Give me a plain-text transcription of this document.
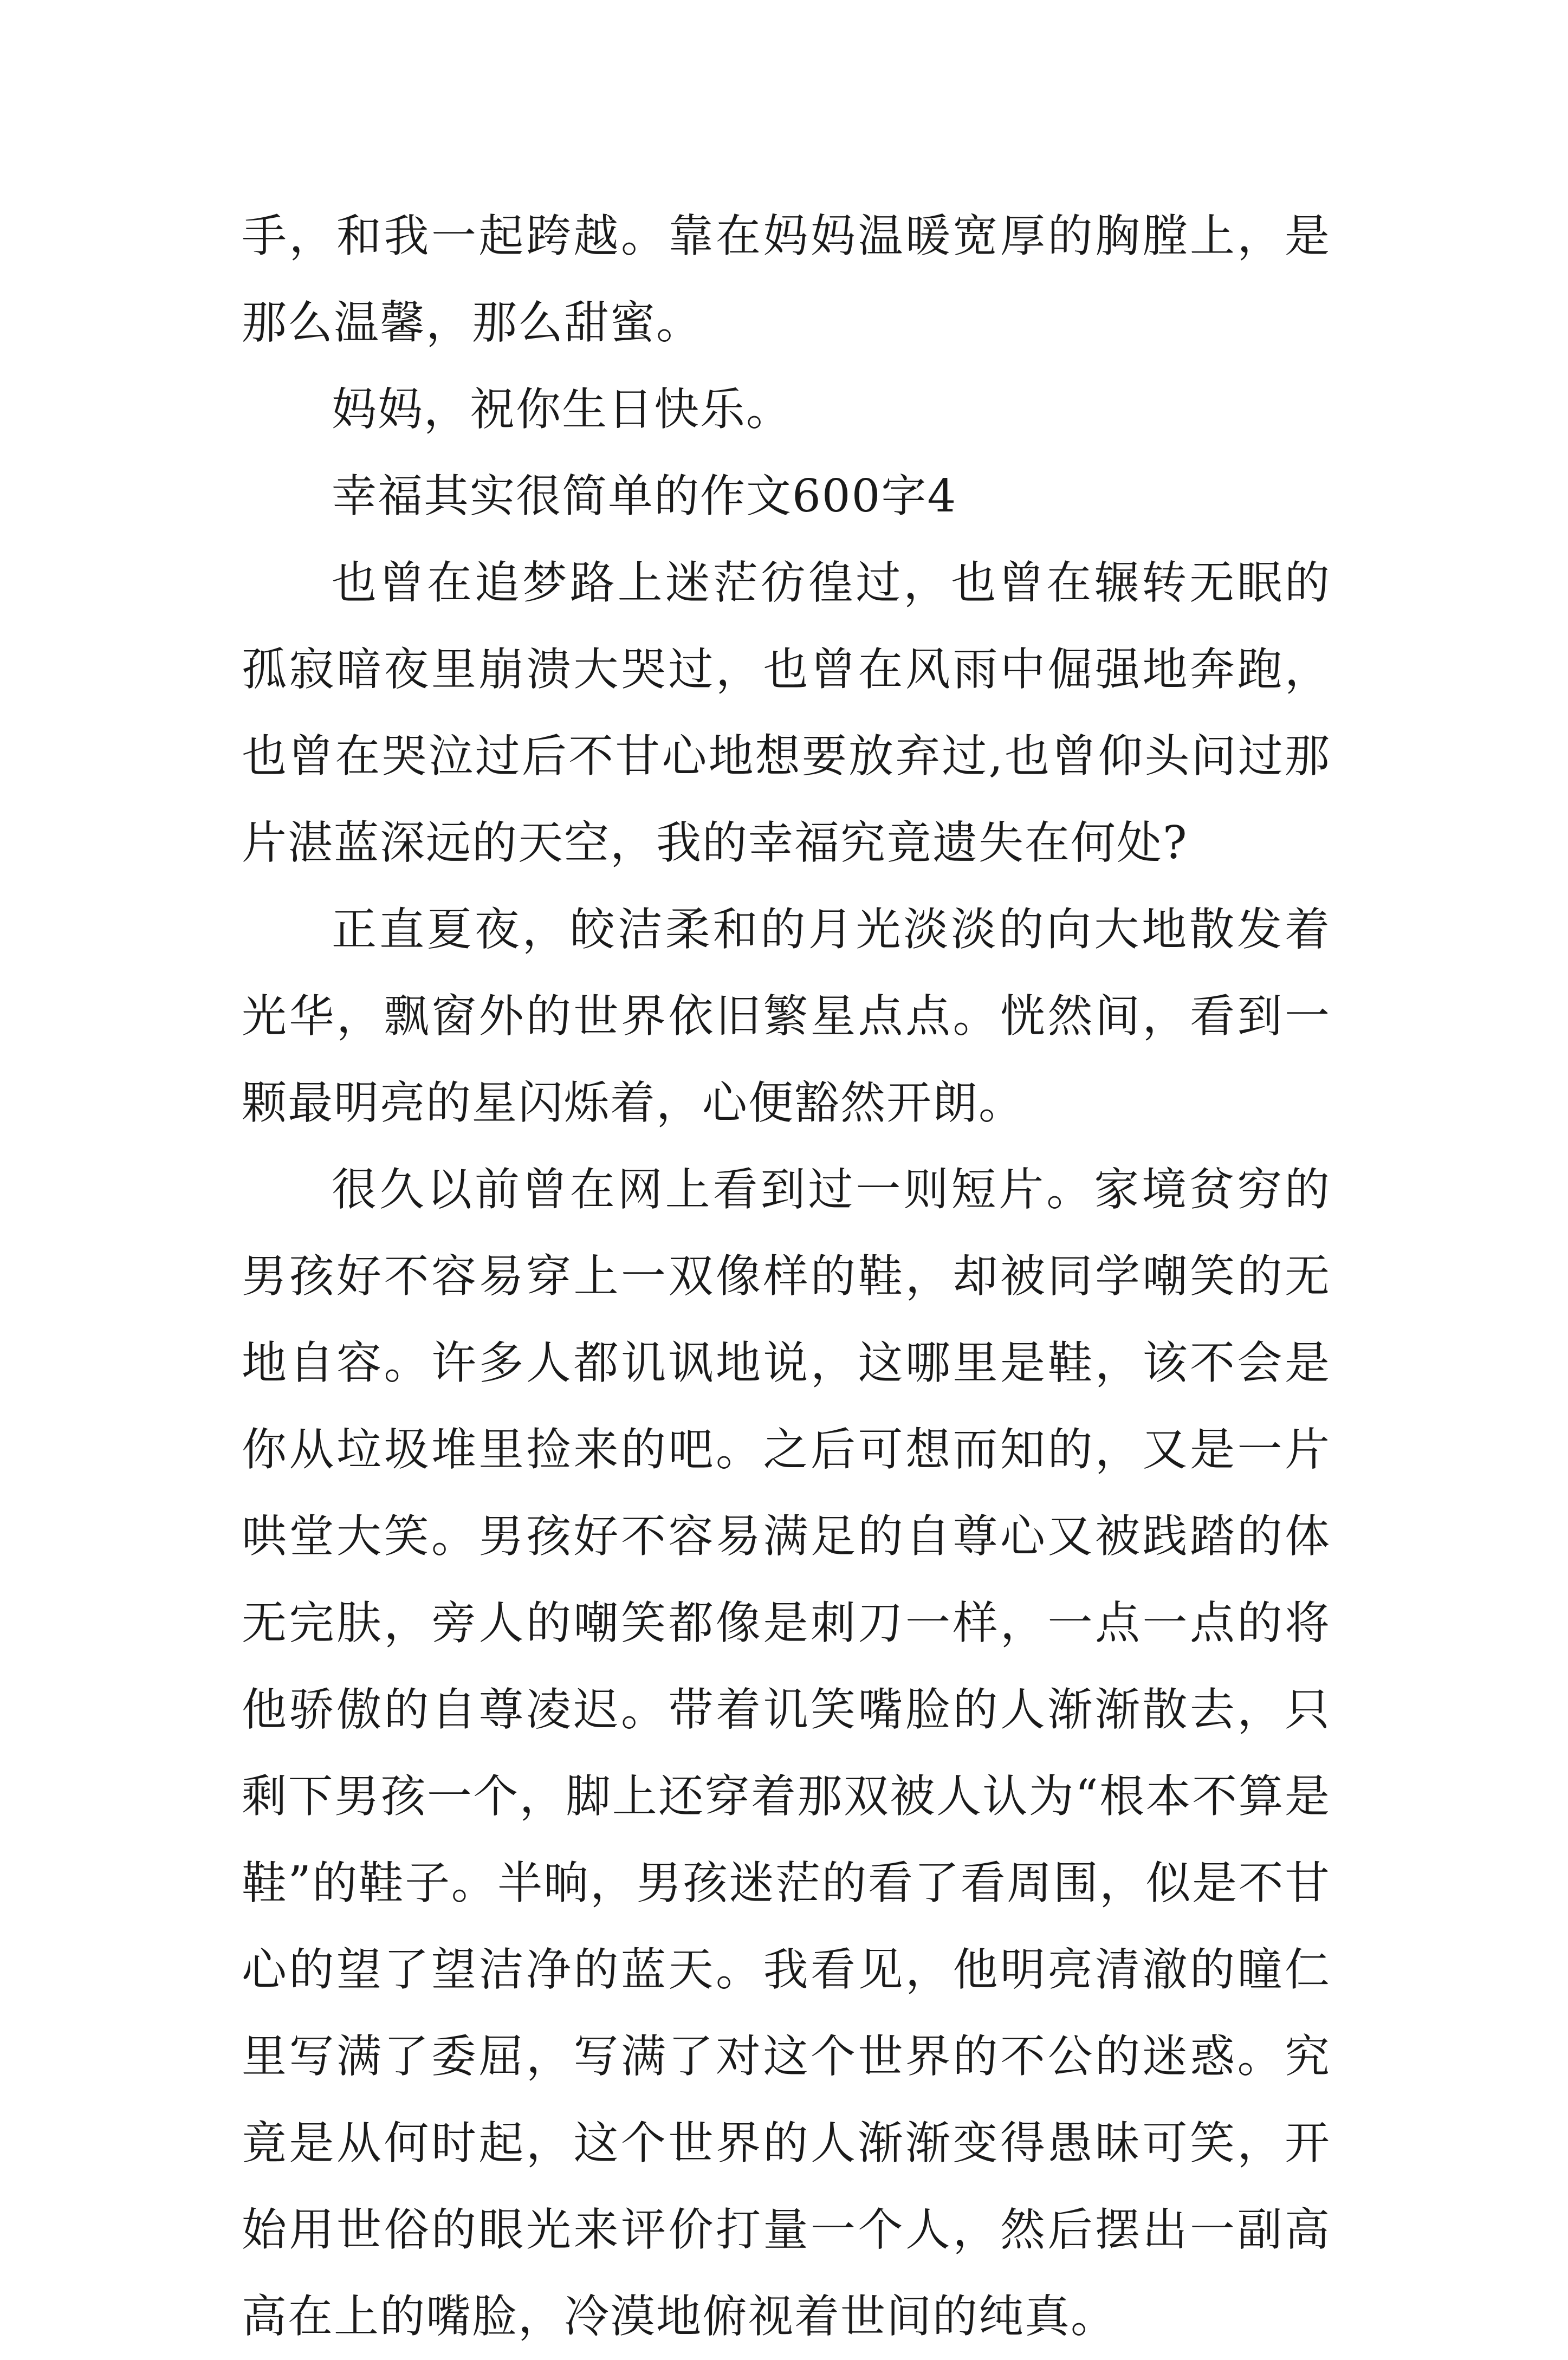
手，和我一起跨越。靠在妈妈温暖宽厚的胸膛上，是那么温馨，那么甜蜜。

妈妈，祝你生日快乐。

幸福其实很简单的作文600字4

也曾在追梦路上迷茫彷徨过，也曾在辗转无眠的孤寂暗夜里崩溃大哭过，也曾在风雨中倔强地奔跑，也曾在哭泣过后不甘心地想要放弃过,也曾仰头问过那片湛蓝深远的天空，我的幸福究竟遗失在何处?

正直夏夜，皎洁柔和的月光淡淡的向大地散发着光华，飘窗外的世界依旧繁星点点。恍然间，看到一颗最明亮的星闪烁着，心便豁然开朗。

很久以前曾在网上看到过一则短片。家境贫穷的男孩好不容易穿上一双像样的鞋，却被同学嘲笑的无地自容。许多人都讥讽地说，这哪里是鞋，该不会是你从垃圾堆里捡来的吧。之后可想而知的，又是一片哄堂大笑。男孩好不容易满足的自尊心又被践踏的体无完肤，旁人的嘲笑都像是刺刀一样，一点一点的将他骄傲的自尊凌迟。带着讥笑嘴脸的人渐渐散去，只剩下男孩一个，脚上还穿着那双被人认为“根本不算是鞋”的鞋子。半晌，男孩迷茫的看了看周围，似是不甘心的望了望洁净的蓝天。我看见，他明亮清澈的瞳仁里写满了委屈，写满了对这个世界的不公的迷惑。究竟是从何时起，这个世界的人渐渐变得愚昧可笑，开始用世俗的眼光来评价打量一个人，然后摆出一副高高在上的嘴脸，冷漠地俯视着世间的纯真。
